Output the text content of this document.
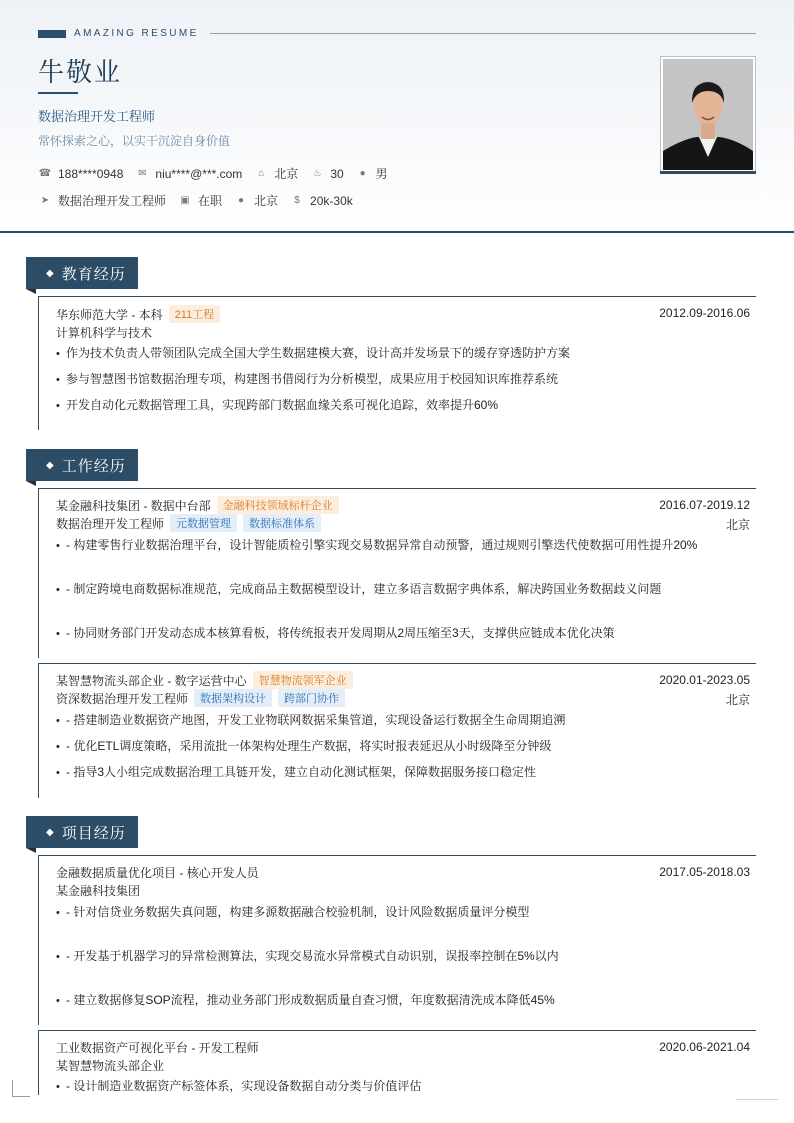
AMAZING RESUME
牛敬业
数据治理开发工程师
常怀探索之心，以实干沉淀自身价值
☎ 188****0948 ✉ niu****@***.com	⌂ 北京 ♨ 30	● 男
➤ 数据治理开发工程师 ▣ 在职	● 北京	$ 20k-30k
◆ 教育经历
华东师范大学 - 本科	211工程	2012.09-2016.06
计算机科学与技术
• 作为技术负责人带领团队完成全国大学生数据建模大赛，设计高并发场景下的缓存穿透防护方案
• 参与智慧图书馆数据治理专项，构建图书借阅行为分析模型，成果应用于校园知识库推荐系统
• 开发自动化元数据管理工具，实现跨部门数据血缘关系可视化追踪，效率提升60%
◆ 工作经历
某金融科技集团 - 数据中台部	金融科技领域标杆企业	2016.07-2019.12
数据治理开发工程师	元数据管理	数据标准体系	北京
• - 构建零售行业数据治理平台，设计智能质检引擎实现交易数据异常自动预警，通过规则引擎迭代使数据可用性提升20%
• - 制定跨境电商数据标准规范，完成商品主数据模型设计，建立多语言数据字典体系，解决跨国业务数据歧义问题
• - 协同财务部门开发动态成本核算看板，将传统报表开发周期从2周压缩至3天，支撑供应链成本优化决策
某智慧物流头部企业 - 数字运营中心	智慧物流领军企业	2020.01-2023.05
资深数据治理开发工程师	数据架构设计	跨部门协作	北京
• - 搭建制造业数据资产地图，开发工业物联网数据采集管道，实现设备运行数据全生命周期追溯
• - 优化ETL调度策略，采用流批一体架构处理生产数据，将实时报表延迟从小时级降至分钟级
• - 指导3人小组完成数据治理工具链开发，建立自动化测试框架，保障数据服务接口稳定性
◆ 项目经历
金融数据质量优化项目 - 核心开发人员	2017.05-2018.03
某金融科技集团
• - 针对信贷业务数据失真问题，构建多源数据融合校验机制，设计风险数据质量评分模型
• - 开发基于机器学习的异常检测算法，实现交易流水异常模式自动识别，误报率控制在5%以内
• - 建立数据修复SOP流程，推动业务部门形成数据质量自查习惯，年度数据清洗成本降低45%
工业数据资产可视化平台 - 开发工程师	2020.06-2021.04
某智慧物流头部企业
• - 设计制造业数据资产标签体系，实现设备数据自动分类与价值评估
